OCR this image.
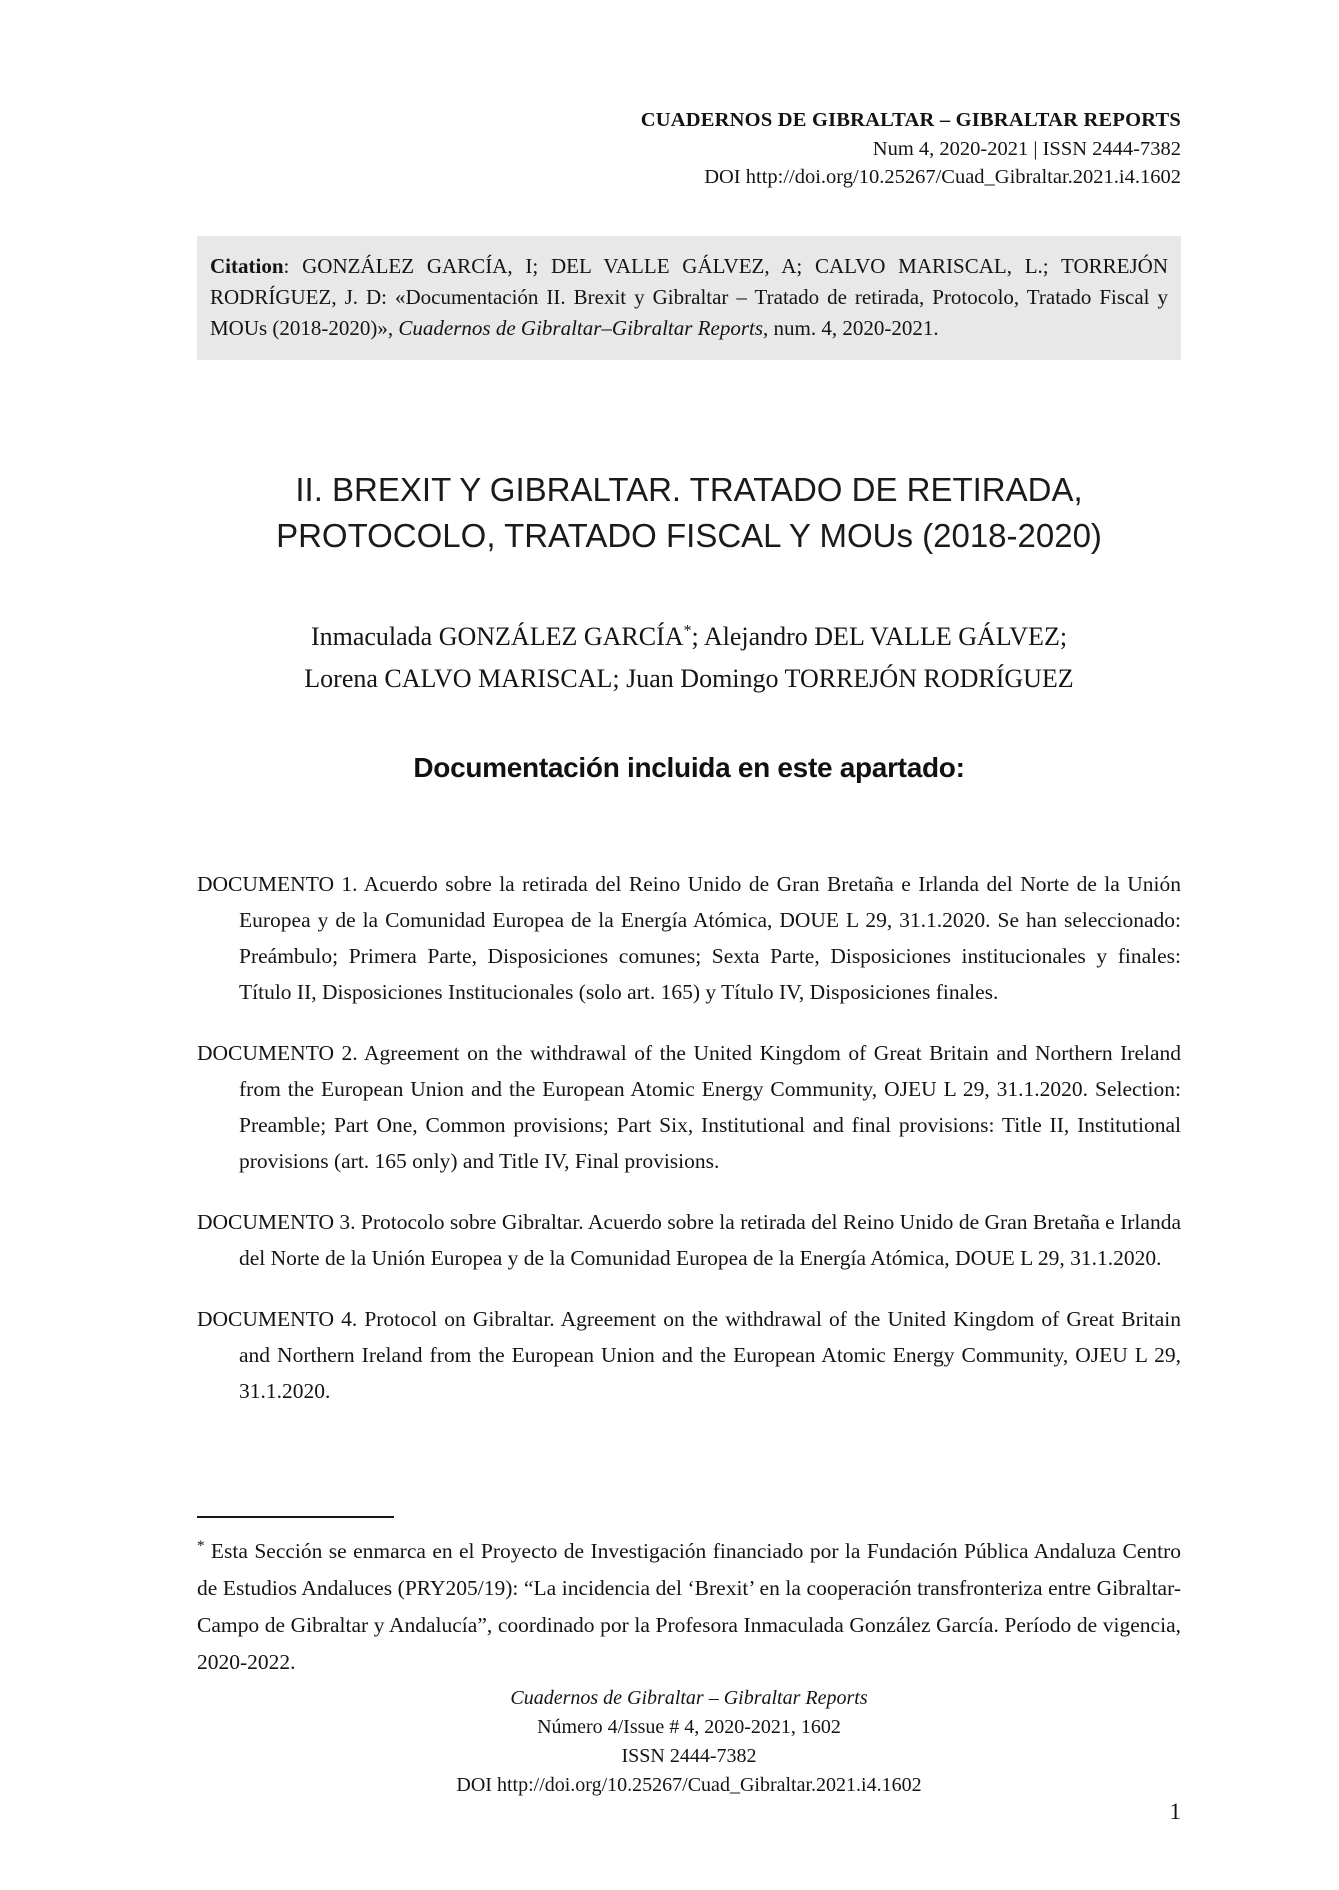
CUADERNOS DE GIBRALTAR – GIBRALTAR REPORTS
Num 4, 2020-2021 | ISSN 2444-7382
DOI http://doi.org/10.25267/Cuad_Gibraltar.2021.i4.1602
Citation: GONZÁLEZ GARCÍA, I; DEL VALLE GÁLVEZ, A; CALVO MARISCAL, L.; TORREJÓN RODRÍGUEZ, J. D: «Documentación II. Brexit y Gibraltar – Tratado de retirada, Protocolo, Tratado Fiscal y MOUs (2018-2020)», Cuadernos de Gibraltar–Gibraltar Reports, num. 4, 2020-2021.
II. BREXIT Y GIBRALTAR. TRATADO DE RETIRADA,
PROTOCOLO, TRATADO FISCAL Y MOUs (2018-2020)
Inmaculada GONZÁLEZ GARCÍA*; Alejandro DEL VALLE GÁLVEZ;
Lorena CALVO MARISCAL; Juan Domingo TORREJÓN RODRÍGUEZ
Documentación incluida en este apartado:

DOCUMENTO 1. Acuerdo sobre la retirada del Reino Unido de Gran Bretaña e Irlanda del Norte de la Unión Europea y de la Comunidad Europea de la Energía Atómica, DOUE L 29, 31.1.2020. Se han seleccionado: Preámbulo; Primera Parte, Disposiciones comunes; Sexta Parte, Disposiciones institucionales y finales: Título II, Disposiciones Institucionales (solo art. 165) y Título IV, Disposiciones finales.

DOCUMENTO 2. Agreement on the withdrawal of the United Kingdom of Great Britain and Northern Ireland from the European Union and the European Atomic Energy Community, OJEU L 29, 31.1.2020. Selection: Preamble; Part One, Common provisions; Part Six, Institutional and final provisions: Title II, Institutional provisions (art. 165 only) and Title IV, Final provisions.

DOCUMENTO 3. Protocolo sobre Gibraltar. Acuerdo sobre la retirada del Reino Unido de Gran Bretaña e Irlanda del Norte de la Unión Europea y de la Comunidad Europea de la Energía Atómica, DOUE L 29, 31.1.2020.

DOCUMENTO 4. Protocol on Gibraltar. Agreement on the withdrawal of the United Kingdom of Great Britain and Northern Ireland from the European Union and the European Atomic Energy Community, OJEU L 29, 31.1.2020.

* Esta Sección se enmarca en el Proyecto de Investigación financiado por la Fundación Pública Andaluza Centro de Estudios Andaluces (PRY205/19): “La incidencia del ‘Brexit’ en la cooperación transfronteriza entre Gibraltar-Campo de Gibraltar y Andalucía”, coordinado por la Profesora Inmaculada González García. Período de vigencia, 2020-2022.
Cuadernos de Gibraltar – Gibraltar Reports
Número 4/Issue # 4, 2020-2021, 1602
ISSN 2444-7382
DOI http://doi.org/10.25267/Cuad_Gibraltar.2021.i4.1602
1
